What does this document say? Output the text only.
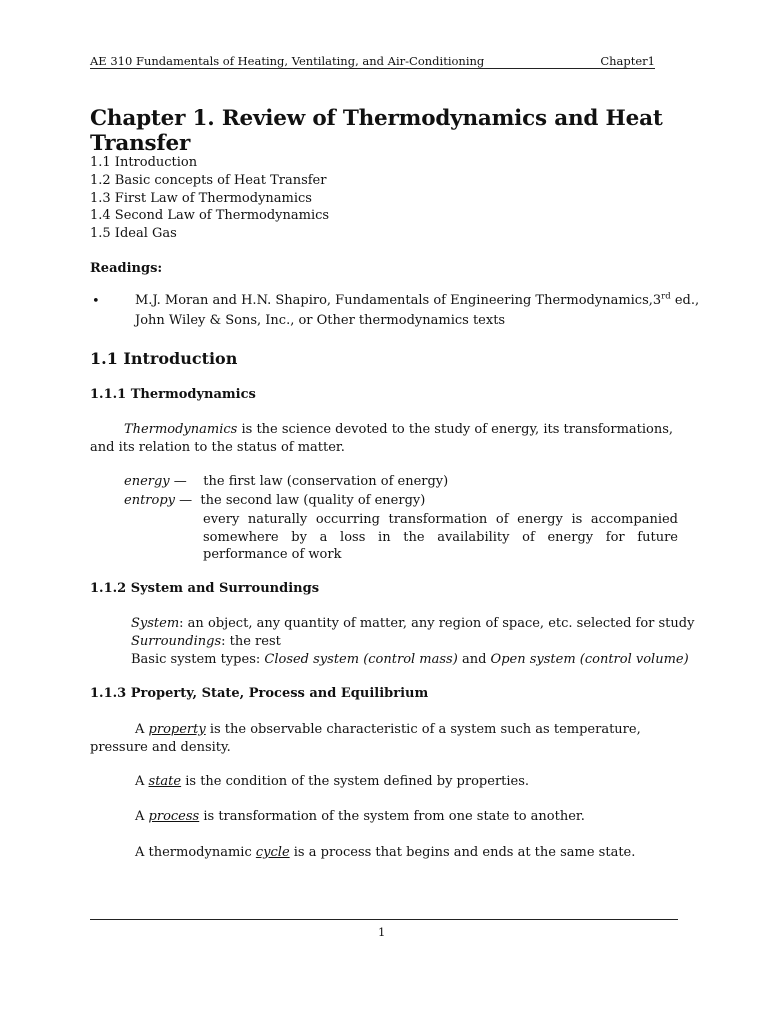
AE 310 Fundamentals of Heating, Ventilating, and Air-Conditioning	Chapter1
Chapter 1. Review of Thermodynamics and Heat Transfer
1.1 Introduction
1.2 Basic concepts of Heat Transfer
1.3 First Law of Thermodynamics
1.4 Second Law of Thermodynamics
1.5 Ideal Gas
Readings:
•	M.J. Moran and H.N. Shapiro, Fundamentals of Engineering Thermodynamics,3rd ed.,
John Wiley & Sons, Inc., or Other thermodynamics texts
1.1 Introduction
1.1.1 Thermodynamics
Thermodynamics is the science devoted to the study of energy, its transformations, and its relation to the status of matter.
energy —    the first law (conservation of energy)
entropy —  the second law (quality of energy)
every naturally occurring transformation of energy is accompanied somewhere by a loss in the availability of energy for future performance of work
1.1.2 System and Surroundings
System: an object, any quantity of matter, any region of space, etc. selected for study
Surroundings: the rest
Basic system types: Closed system (control mass) and Open system (control volume)
1.1.3 Property, State, Process and Equilibrium
A property is the observable characteristic of a system such as temperature, pressure and density.
A state is the condition of the system defined by properties.
A process is transformation of the system from one state to another.
A thermodynamic cycle is a process that begins and ends at the same state.
1
